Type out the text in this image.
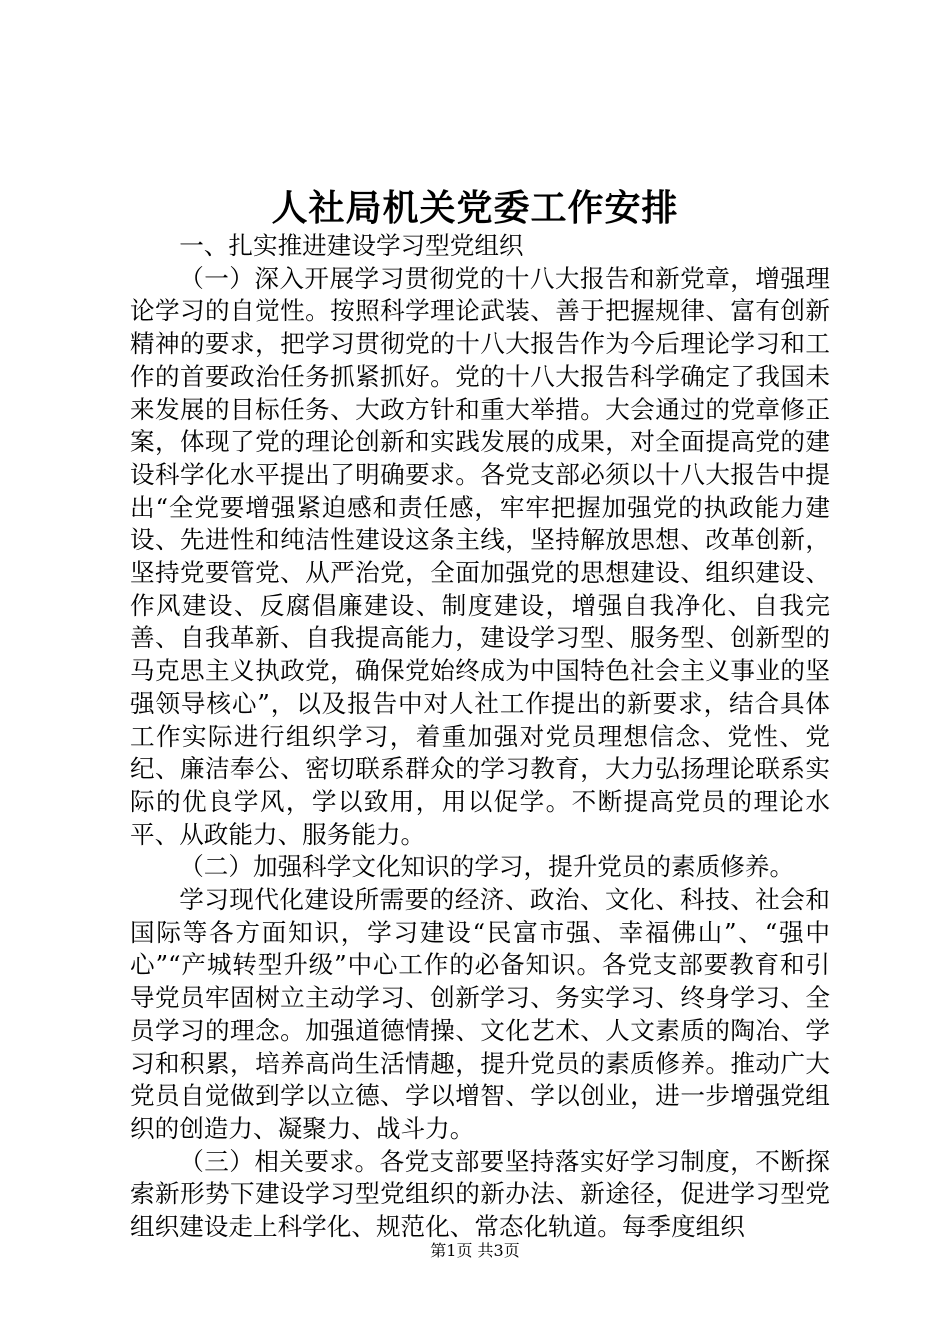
人社局机关党委工作安排

一、扎实推进建设学习型党组织

（一）深入开展学习贯彻党的十八大报告和新党章，增强理论学习的自觉性。按照科学理论武装、善于把握规律、富有创新精神的要求，把学习贯彻党的十八大报告作为今后理论学习和工作的首要政治任务抓紧抓好。党的十八大报告科学确定了我国未来发展的目标任务、大政方针和重大举措。大会通过的党章修正案，体现了党的理论创新和实践发展的成果，对全面提高党的建设科学化水平提出了明确要求。各党支部必须以十八大报告中提出“全党要增强紧迫感和责任感，牢牢把握加强党的执政能力建设、先进性和纯洁性建设这条主线，坚持解放思想、改革创新，坚持党要管党、从严治党，全面加强党的思想建设、组织建设、作风建设、反腐倡廉建设、制度建设，增强自我净化、自我完善、自我革新、自我提高能力，建设学习型、服务型、创新型的马克思主义执政党，确保党始终成为中国特色社会主义事业的坚强领导核心”，以及报告中对人社工作提出的新要求，结合具体工作实际进行组织学习，着重加强对党员理想信念、党性、党纪、廉洁奉公、密切联系群众的学习教育，大力弘扬理论联系实际的优良学风，学以致用，用以促学。不断提高党员的理论水平、从政能力、服务能力。

（二）加强科学文化知识的学习，提升党员的素质修养。

学习现代化建设所需要的经济、政治、文化、科技、社会和国际等各方面知识，学习建设“民富市强、幸福佛山”、“强中心”“产城转型升级”中心工作的必备知识。各党支部要教育和引导党员牢固树立主动学习、创新学习、务实学习、终身学习、全员学习的理念。加强道德情操、文化艺术、人文素质的陶冶、学习和积累，培养高尚生活情趣，提升党员的素质修养。推动广大党员自觉做到学以立德、学以增智、学以创业，进一步增强党组织的创造力、凝聚力、战斗力。

（三）相关要求。各党支部要坚持落实好学习制度，不断探索新形势下建设学习型党组织的新办法、新途径，促进学习型党组织建设走上科学化、规范化、常态化轨道。每季度组织

第1页 共3页
